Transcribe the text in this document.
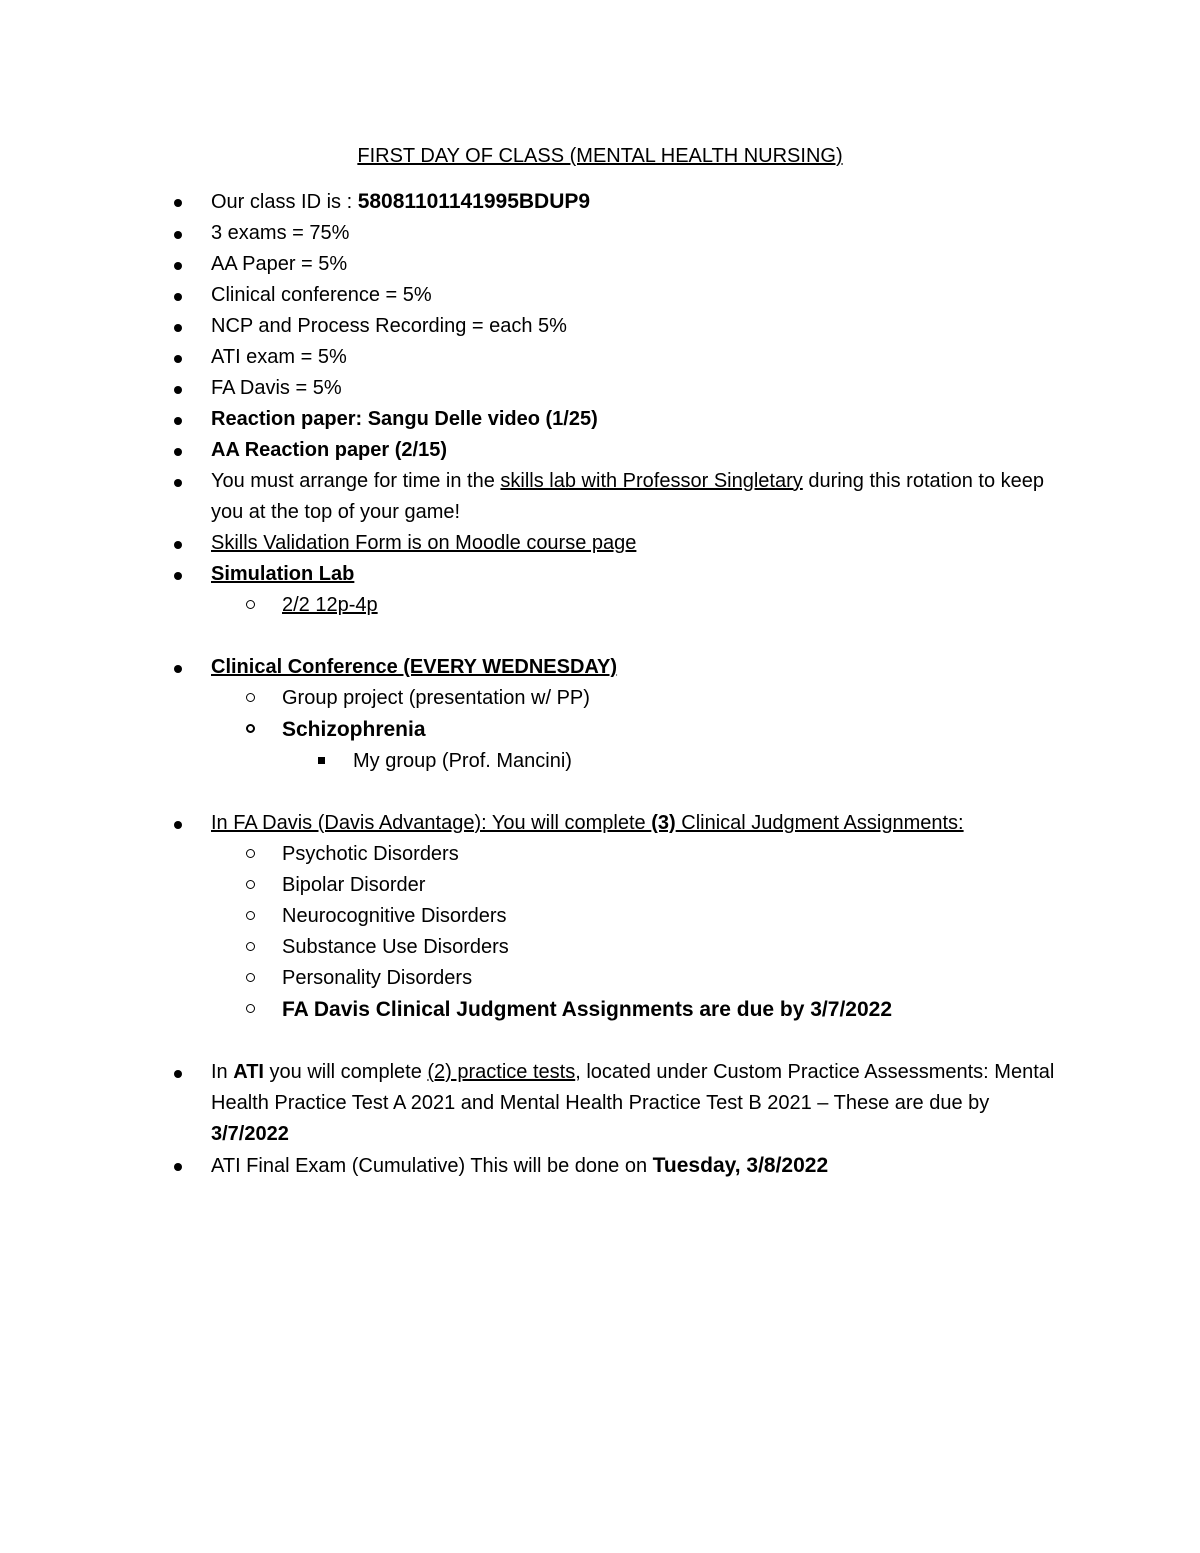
FIRST DAY OF CLASS (MENTAL HEALTH NURSING)
Our class ID is : 58081101141995BDUP9
3 exams = 75%
AA Paper = 5%
Clinical conference = 5%
NCP and Process Recording = each 5%
ATI exam = 5%
FA Davis = 5%
Reaction paper: Sangu Delle video (1/25)
AA Reaction paper (2/15)
You must arrange for time in the skills lab with Professor Singletary during this rotation to keep you at the top of your game!
Skills Validation Form is on Moodle course page
Simulation Lab
2/2 12p-4p
Clinical Conference (EVERY WEDNESDAY)
Group project (presentation w/ PP)
Schizophrenia
My group (Prof. Mancini)
In FA Davis (Davis Advantage): You will complete (3) Clinical Judgment Assignments:
Psychotic Disorders
Bipolar Disorder
Neurocognitive Disorders
Substance Use Disorders
Personality Disorders
FA Davis Clinical Judgment Assignments are due by 3/7/2022
In ATI you will complete (2) practice tests, located under Custom Practice Assessments: Mental Health Practice Test A 2021 and Mental Health Practice Test B 2021 – These are due by 3/7/2022
ATI Final Exam (Cumulative) This will be done on Tuesday, 3/8/2022
